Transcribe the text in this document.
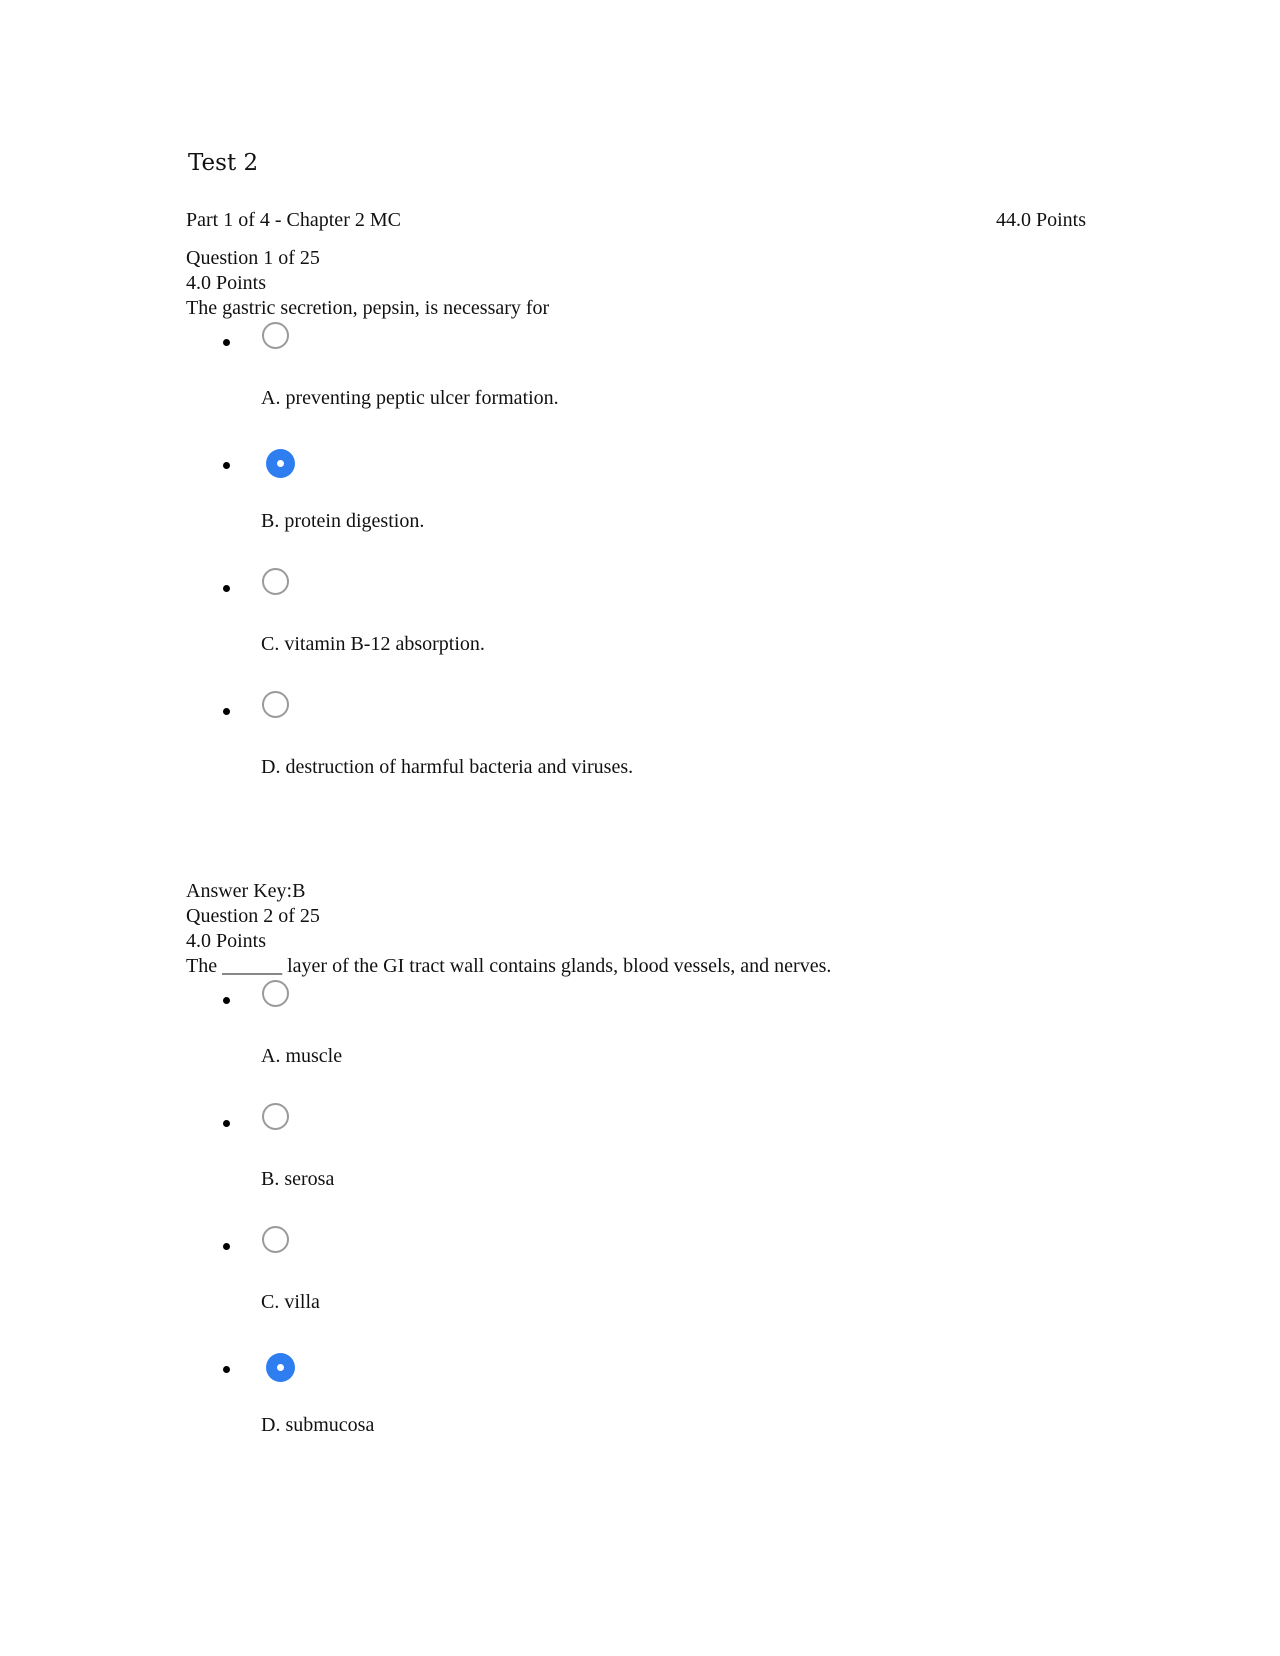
Test 2
Part 1 of 4 - Chapter 2 MC	44.0 Points
Question 1 of 25
4.0 Points
The gastric secretion, pepsin, is necessary for
A. preventing peptic ulcer formation.
B. protein digestion.
C. vitamin B-12 absorption.
D. destruction of harmful bacteria and viruses.
Answer Key:B
Question 2 of 25
4.0 Points
The ______ layer of the GI tract wall contains glands, blood vessels, and nerves.
A. muscle
B. serosa
C. villa
D. submucosa
